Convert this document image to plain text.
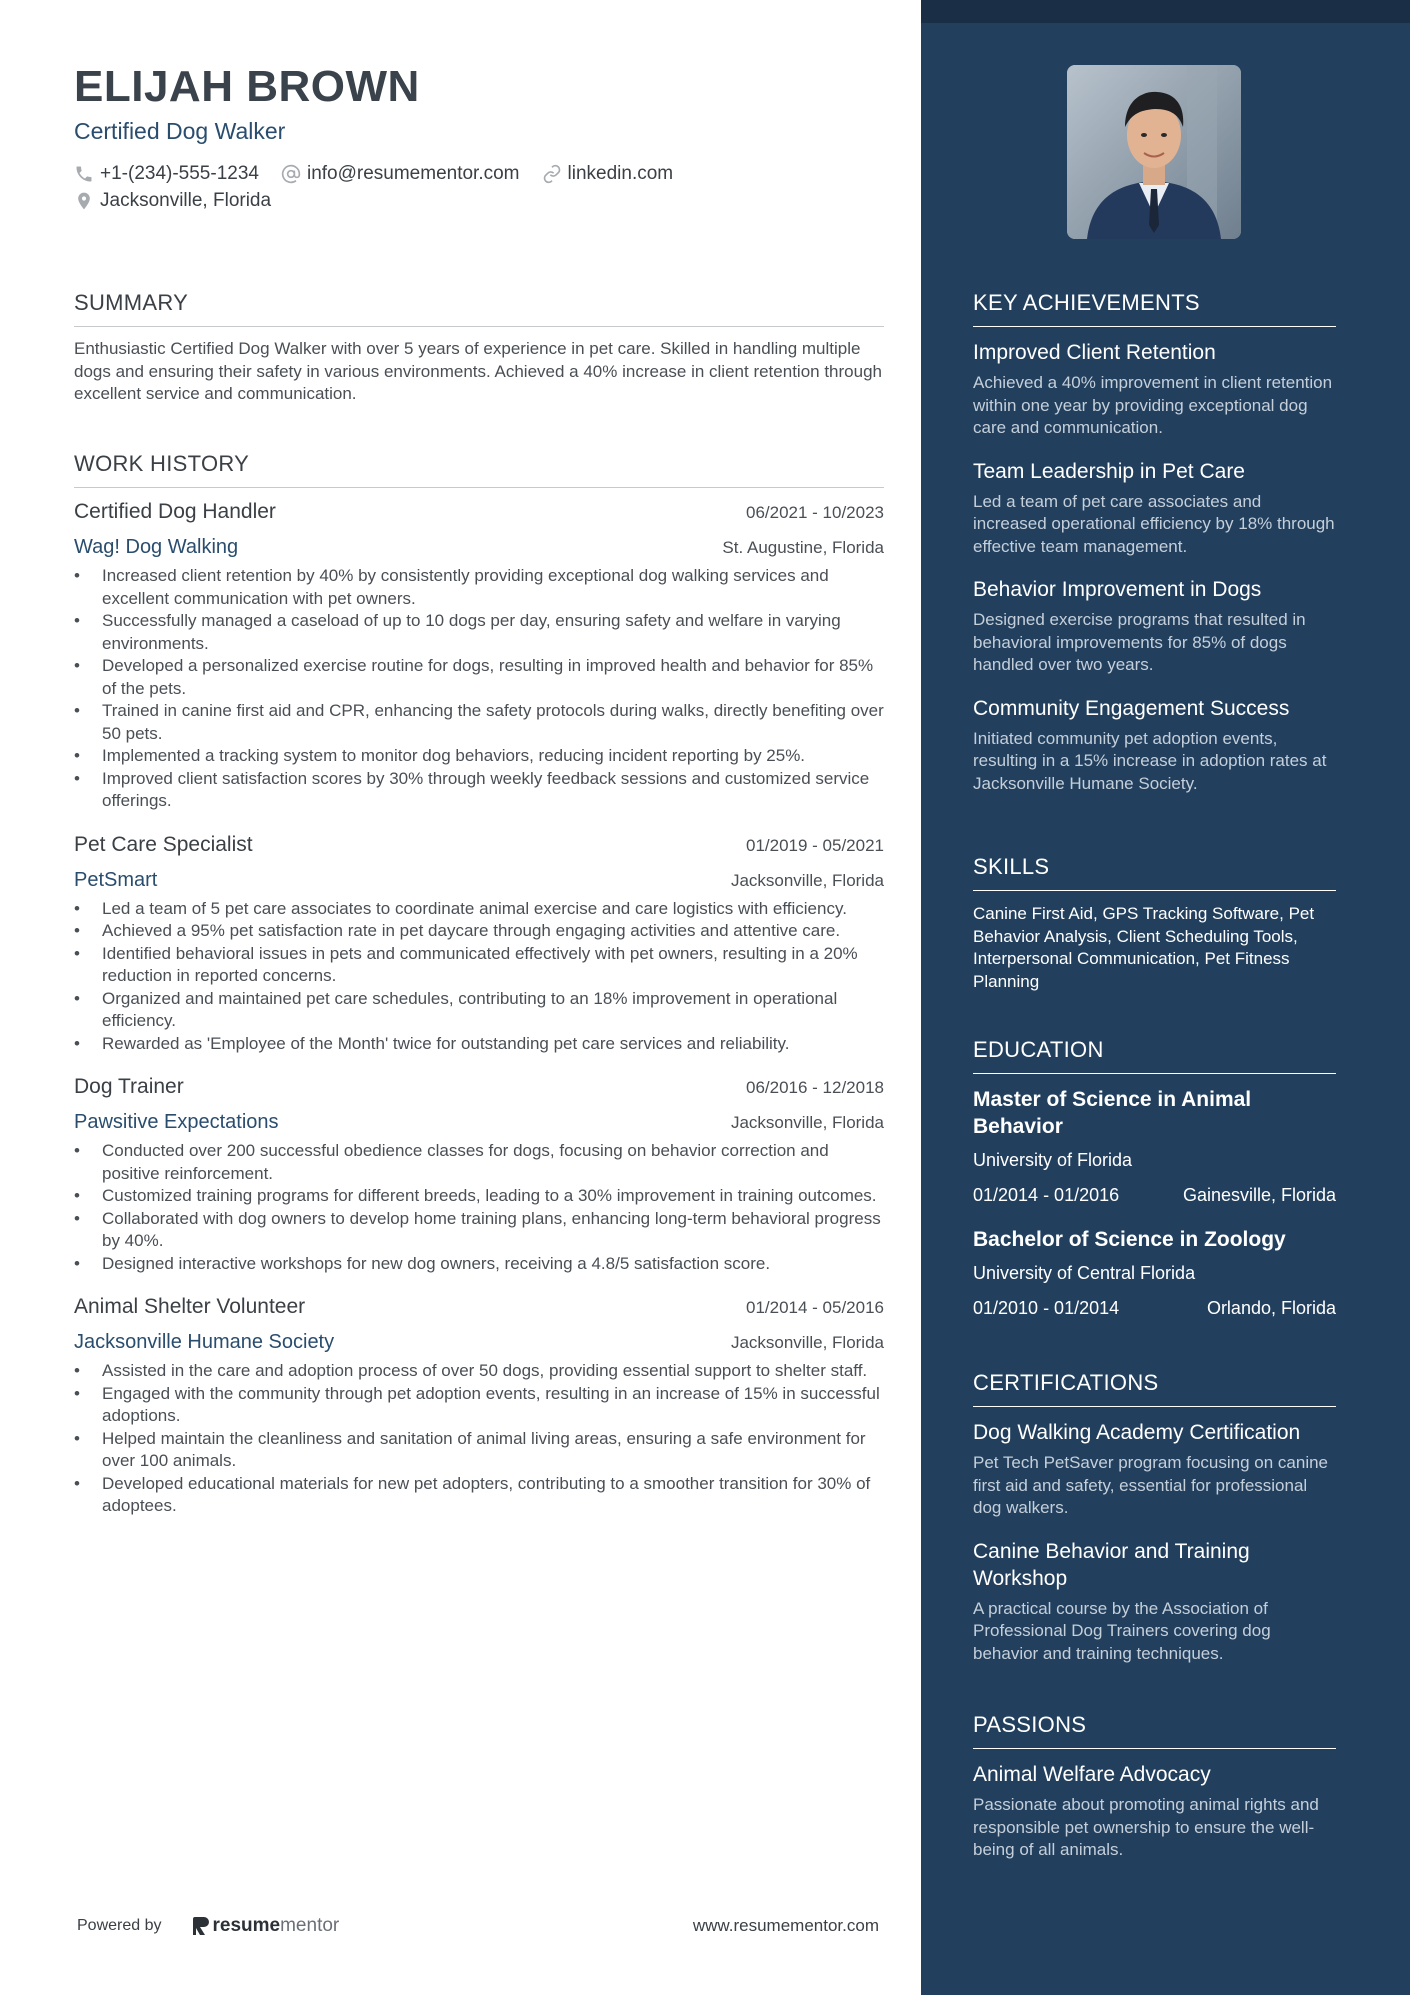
ELIJAH BROWN
Certified Dog Walker
+1-(234)-555-1234	info@resumementor.com	linkedin.com
Jacksonville, Florida
SUMMARY

Enthusiastic Certified Dog Walker with over 5 years of experience in pet care. Skilled in handling multiple dogs and ensuring their safety in various environments. Achieved a 40% increase in client retention through excellent service and communication.

WORK HISTORY
Certified Dog Handler	06/2021 - 10/2023
Wag! Dog Walking	St. Augustine, Florida
• Increased client retention by 40% by consistently providing exceptional dog walking services and excellent communication with pet owners.
• Successfully managed a caseload of up to 10 dogs per day, ensuring safety and welfare in varying environments.
• Developed a personalized exercise routine for dogs, resulting in improved health and behavior for 85% of the pets.
• Trained in canine first aid and CPR, enhancing the safety protocols during walks, directly benefiting over 50 pets.
• Implemented a tracking system to monitor dog behaviors, reducing incident reporting by 25%.
• Improved client satisfaction scores by 30% through weekly feedback sessions and customized service offerings.
Pet Care Specialist	01/2019 - 05/2021
PetSmart	Jacksonville, Florida
• Led a team of 5 pet care associates to coordinate animal exercise and care logistics with efficiency.
• Achieved a 95% pet satisfaction rate in pet daycare through engaging activities and attentive care.
• Identified behavioral issues in pets and communicated effectively with pet owners, resulting in a 20% reduction in reported concerns.
• Organized and maintained pet care schedules, contributing to an 18% improvement in operational efficiency.
• Rewarded as 'Employee of the Month' twice for outstanding pet care services and reliability.
Dog Trainer	06/2016 - 12/2018
Pawsitive Expectations	Jacksonville, Florida
• Conducted over 200 successful obedience classes for dogs, focusing on behavior correction and positive reinforcement.
• Customized training programs for different breeds, leading to a 30% improvement in training outcomes.
• Collaborated with dog owners to develop home training plans, enhancing long-term behavioral progress by 40%.
• Designed interactive workshops for new dog owners, receiving a 4.8/5 satisfaction score.
Animal Shelter Volunteer	01/2014 - 05/2016
Jacksonville Humane Society	Jacksonville, Florida
• Assisted in the care and adoption process of over 50 dogs, providing essential support to shelter staff.
• Engaged with the community through pet adoption events, resulting in an increase of 15% in successful adoptions.
• Helped maintain the cleanliness and sanitation of animal living areas, ensuring a safe environment for over 100 animals.
• Developed educational materials for new pet adopters, contributing to a smoother transition for 30% of adoptees.
Powered by	resume mentor	www.resumementor.com
KEY ACHIEVEMENTS
Improved Client Retention
Achieved a 40% improvement in client retention within one year by providing exceptional dog care and communication.
Team Leadership in Pet Care
Led a team of pet care associates and increased operational efficiency by 18% through effective team management.
Behavior Improvement in Dogs
Designed exercise programs that resulted in behavioral improvements for 85% of dogs handled over two years.
Community Engagement Success
Initiated community pet adoption events, resulting in a 15% increase in adoption rates at Jacksonville Humane Society.
SKILLS
Canine First Aid, GPS Tracking Software, Pet Behavior Analysis, Client Scheduling Tools, Interpersonal Communication, Pet Fitness Planning
EDUCATION
Master of Science in Animal Behavior
University of Florida
01/2014 - 01/2016	Gainesville, Florida
Bachelor of Science in Zoology
University of Central Florida
01/2010 - 01/2014	Orlando, Florida
CERTIFICATIONS
Dog Walking Academy Certification
Pet Tech PetSaver program focusing on canine first aid and safety, essential for professional dog walkers.
Canine Behavior and Training Workshop
A practical course by the Association of Professional Dog Trainers covering dog behavior and training techniques.
PASSIONS
Animal Welfare Advocacy
Passionate about promoting animal rights and responsible pet ownership to ensure the well-being of all animals.
